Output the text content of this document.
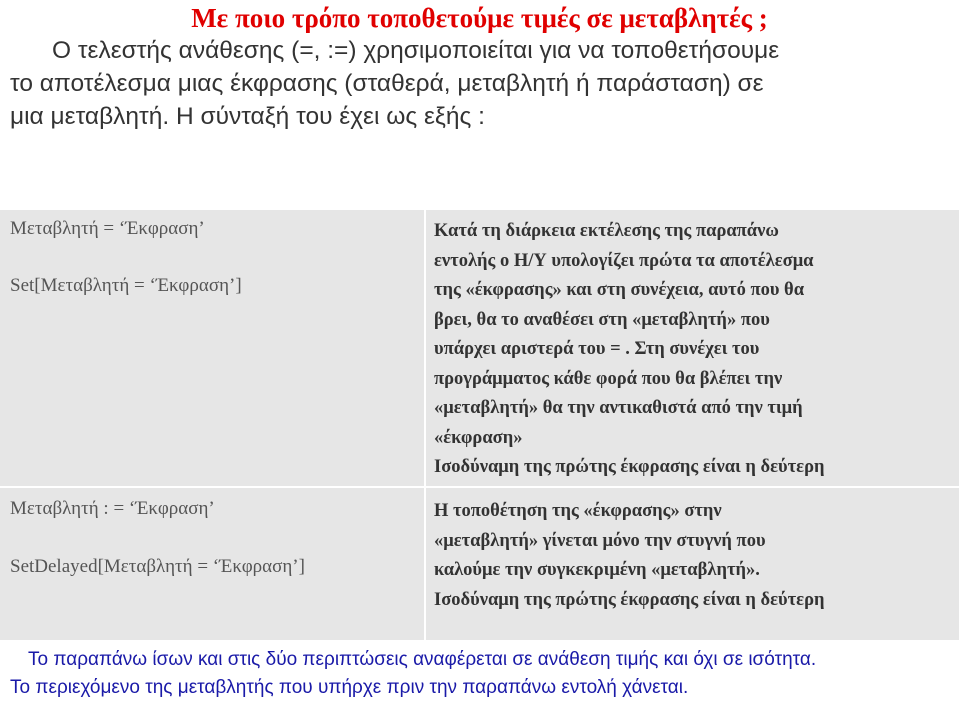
Με ποιο τρόπο τοποθετούμε τιμές σε μεταβλητές ;
Ο τελεστής ανάθεσης (=, :=) χρησιμοποιείται για να τοποθετήσουμε
το αποτέλεσμα μιας έκφρασης (σταθερά, μεταβλητή ή παράσταση) σε
μια μεταβλητή. Η σύνταξή του έχει ως εξής :
Μεταβλητή = ‘Έκφραση’
Set[Μεταβλητή = ‘Έκφραση’]
Κατά τη διάρκεια εκτέλεσης της παραπάνω
εντολής ο Η/Υ υπολογίζει πρώτα τα αποτέλεσμα
της «έκφρασης» και στη συνέχεια, αυτό που θα
βρει, θα το αναθέσει στη «μεταβλητή» που
υπάρχει αριστερά του = . Στη συνέχει του
προγράμματος κάθε φορά που θα βλέπει την
«μεταβλητή» θα την αντικαθιστά από την τιμή
«έκφραση»
Ισοδύναμη της πρώτης έκφρασης είναι η δεύτερη
Μεταβλητή : = ‘Έκφραση’
SetDelayed[Μεταβλητή = ‘Έκφραση’]
Η τοποθέτηση της «έκφρασης» στην
«μεταβλητή» γίνεται μόνο την στυγνή που
καλούμε την συγκεκριμένη «μεταβλητή».
Ισοδύναμη της πρώτης έκφρασης είναι η δεύτερη
Το παραπάνω ίσων και στις δύο περιπτώσεις αναφέρεται σε ανάθεση τιμής και όχι σε ισότητα.
Το περιεχόμενο της μεταβλητής που υπήρχε πριν την παραπάνω εντολή χάνεται.
